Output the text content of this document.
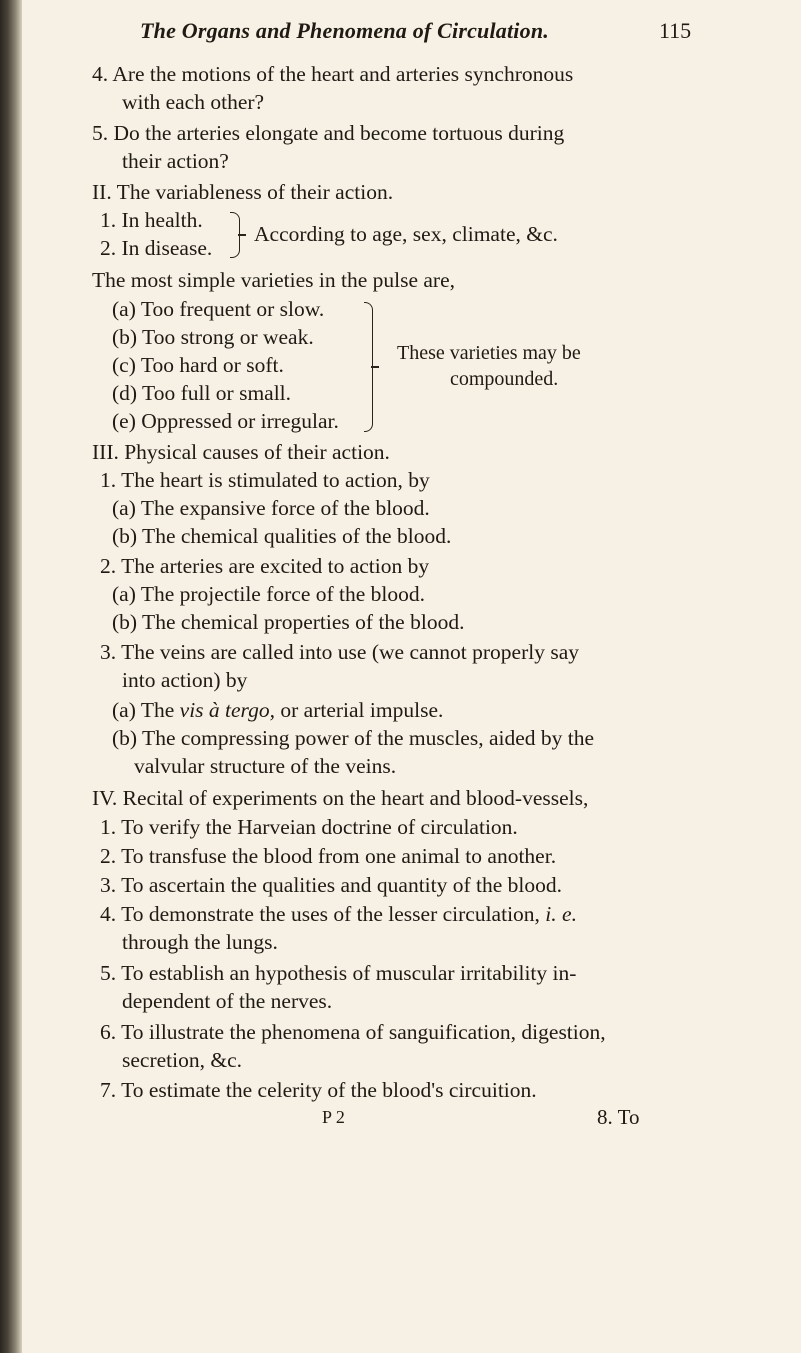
The Organs and Phenomena of Circulation.	115
4. Are the motions of the heart and arteries synchronous
with each other?
5. Do the arteries elongate and become tortuous during
their action?
II. The variableness of their action.
1. In health.
2. In disease.
According to age, sex, climate, &c.
The most simple varieties in the pulse are,
(a) Too frequent or slow.
(b) Too strong or weak.
(c) Too hard or soft.
(d) Too full or small.
(e) Oppressed or irregular.
These varieties may be
compounded.
III. Physical causes of their action.
1. The heart is stimulated to action, by
(a) The expansive force of the blood.
(b) The chemical qualities of the blood.
2. The arteries are excited to action by
(a) The projectile force of the blood.
(b) The chemical properties of the blood.
3. The veins are called into use (we cannot properly say
into action) by
(a) The vis à tergo, or arterial impulse.
(b) The compressing power of the muscles, aided by the
valvular structure of the veins.
IV. Recital of experiments on the heart and blood-vessels,
1. To verify the Harveian doctrine of circulation.
2. To transfuse the blood from one animal to another.
3. To ascertain the qualities and quantity of the blood.
4. To demonstrate the uses of the lesser circulation, i. e.
through the lungs.
5. To establish an hypothesis of muscular irritability in-
dependent of the nerves.
6. To illustrate the phenomena of sanguification, digestion,
secretion, &c.
7. To estimate the celerity of the blood's circuition.
P 2	8. To
